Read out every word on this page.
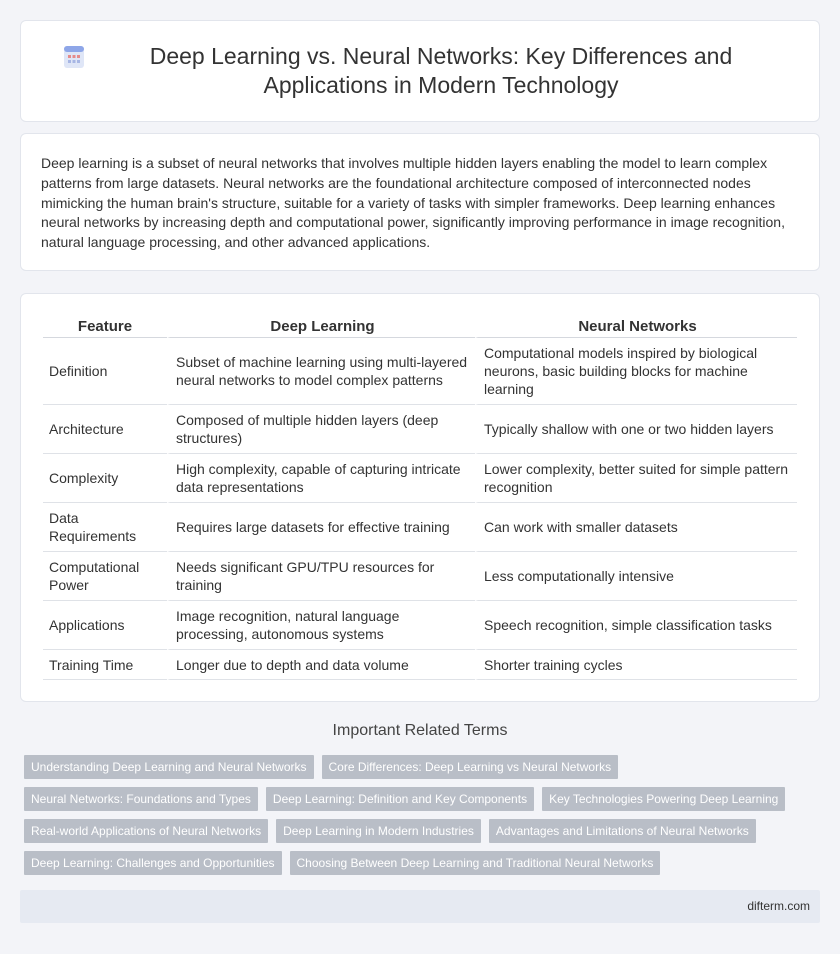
Deep Learning vs. Neural Networks: Key Differences and Applications in Modern Technology

Deep learning is a subset of neural networks that involves multiple hidden layers enabling the model to learn complex patterns from large datasets. Neural networks are the foundational architecture composed of interconnected nodes mimicking the human brain's structure, suitable for a variety of tasks with simpler frameworks. Deep learning enhances neural networks by increasing depth and computational power, significantly improving performance in image recognition, natural language processing, and other advanced applications.

Feature	Deep Learning	Neural Networks
Definition	Subset of machine learning using multi-layered neural networks to model complex patterns	Computational models inspired by biological neurons, basic building blocks for machine learning
Architecture	Composed of multiple hidden layers (deep structures)	Typically shallow with one or two hidden layers
Complexity	High complexity, capable of capturing intricate data representations	Lower complexity, better suited for simple pattern recognition
Data Requirements	Requires large datasets for effective training	Can work with smaller datasets
Computational Power	Needs significant GPU/TPU resources for training	Less computationally intensive
Applications	Image recognition, natural language processing, autonomous systems	Speech recognition, simple classification tasks
Training Time	Longer due to depth and data volume	Shorter training cycles
Important Related Terms
Understanding Deep Learning and Neural Networks	Core Differences: Deep Learning vs Neural Networks
Neural Networks: Foundations and Types	Deep Learning: Definition and Key Components	Key Technologies Powering Deep Learning
Real-world Applications of Neural Networks	Deep Learning in Modern Industries	Advantages and Limitations of Neural Networks
Deep Learning: Challenges and Opportunities	Choosing Between Deep Learning and Traditional Neural Networks
difterm.com
